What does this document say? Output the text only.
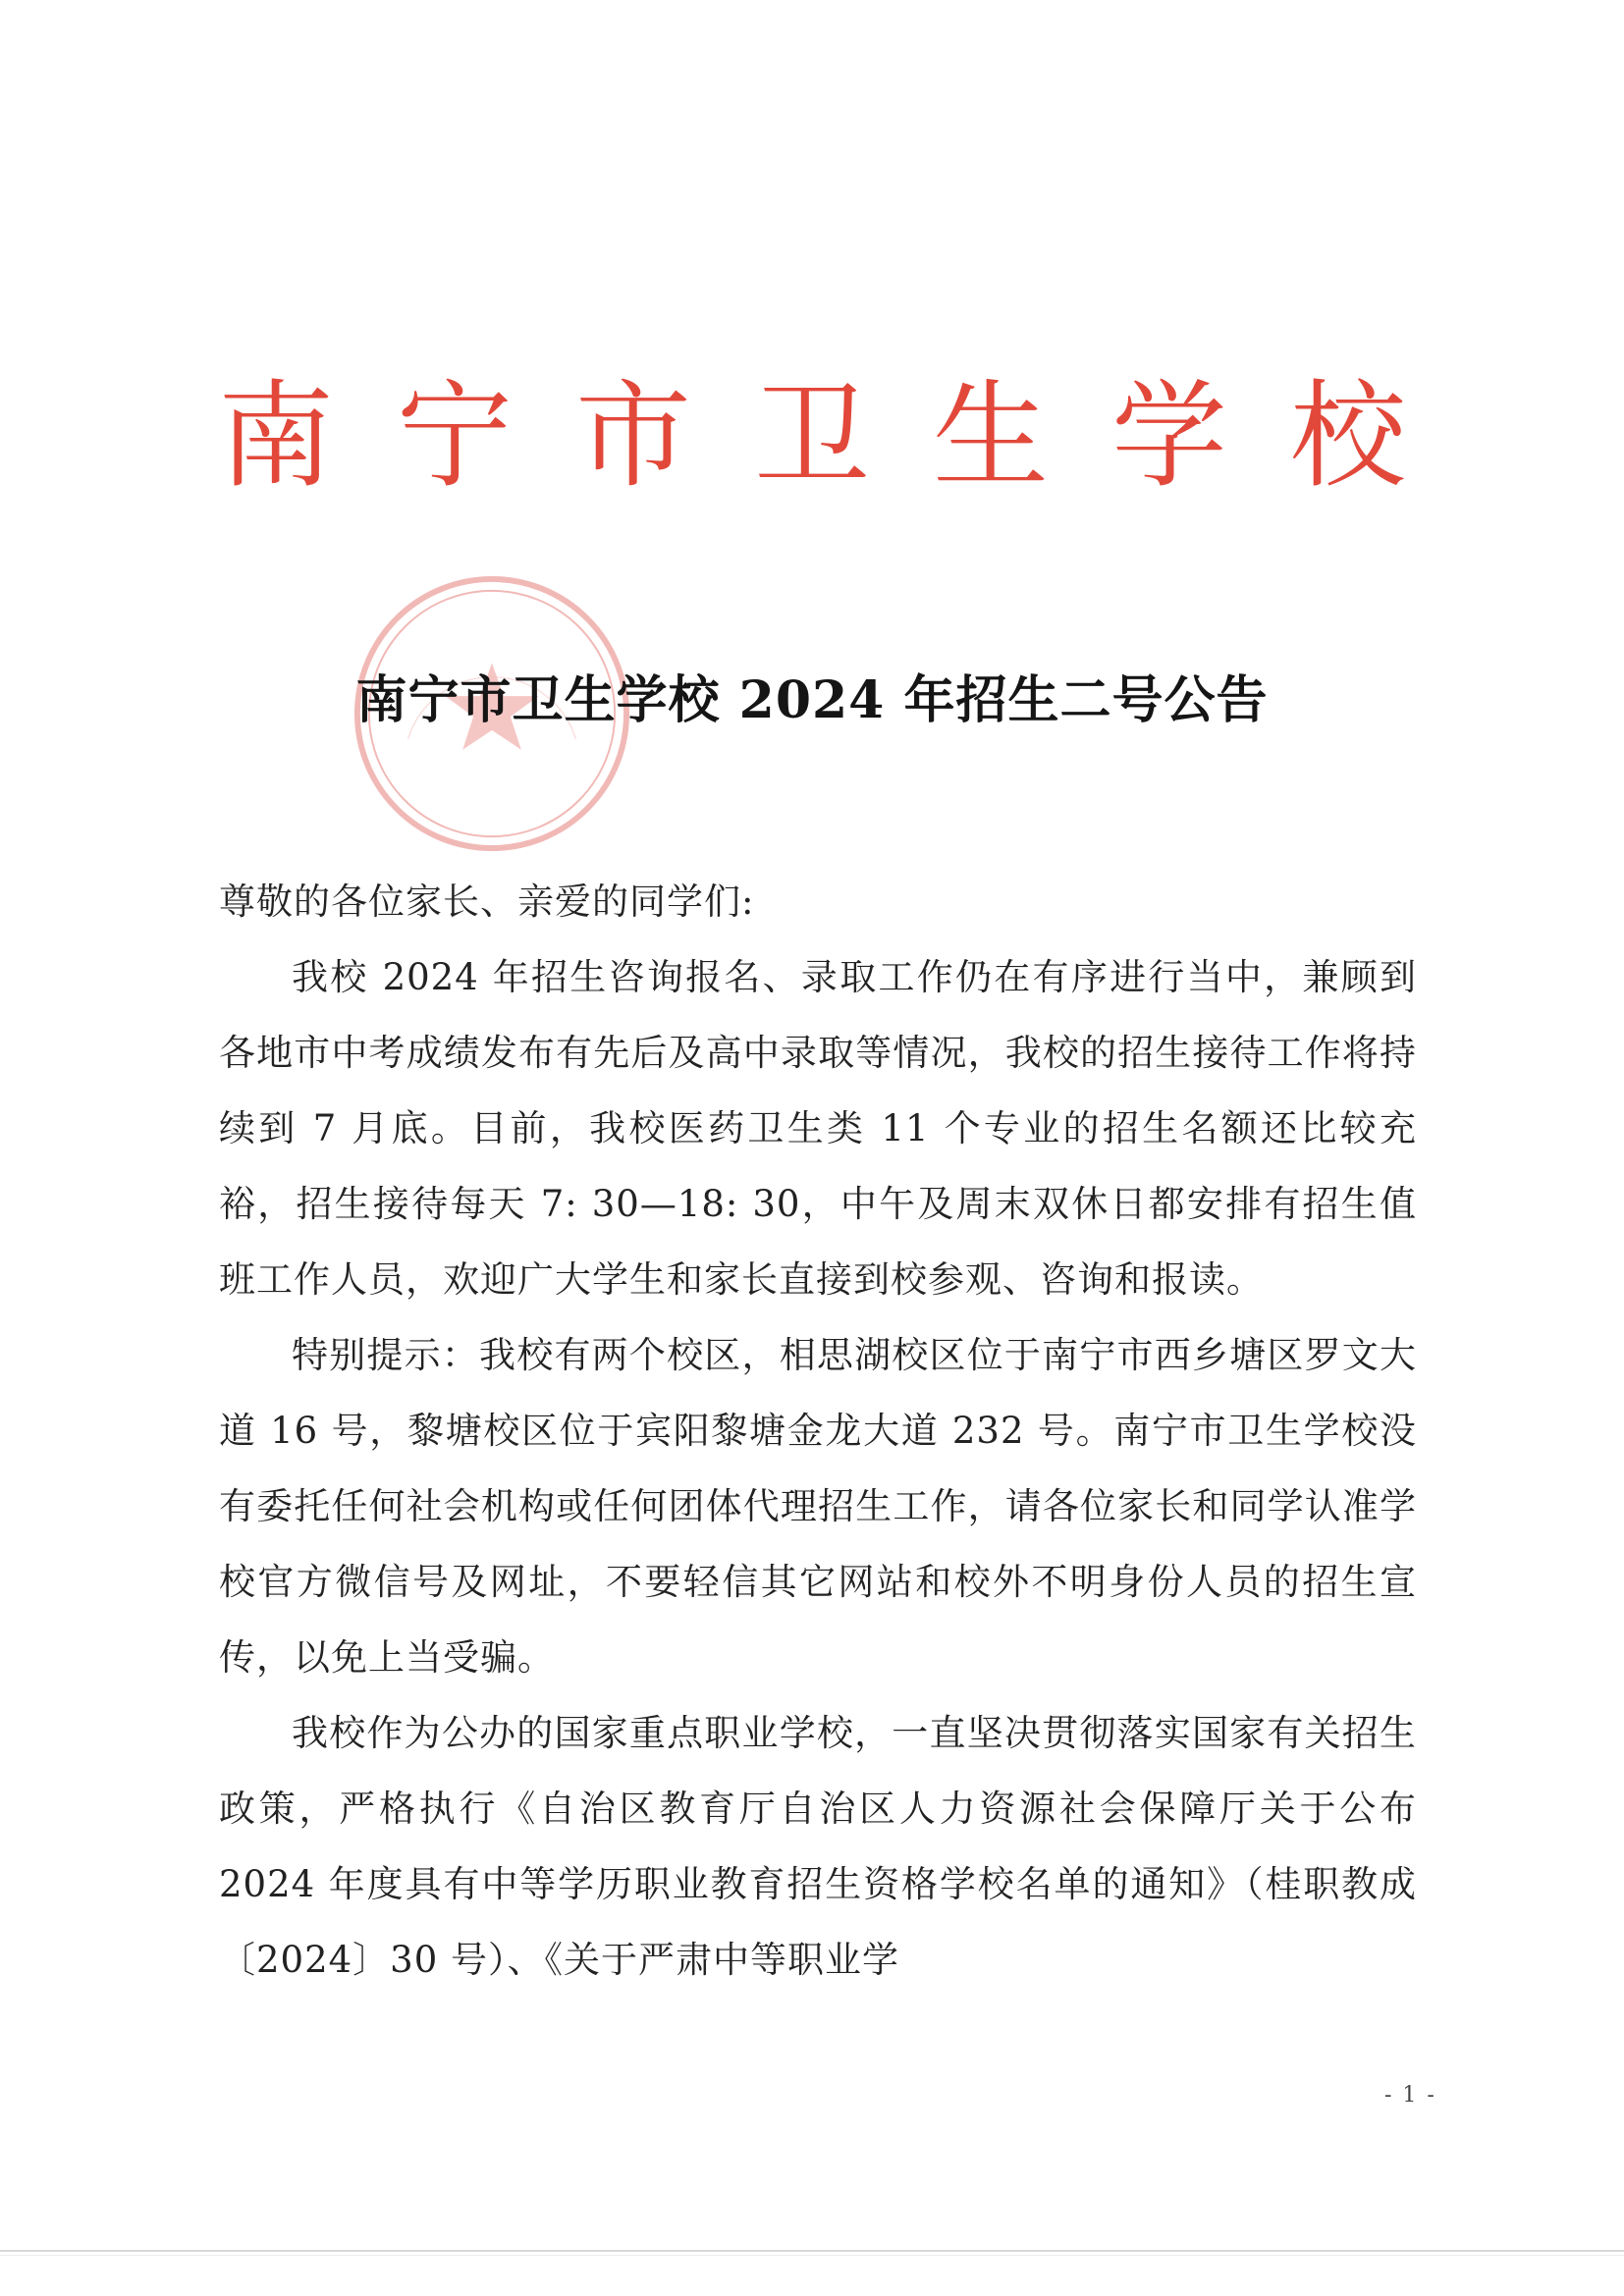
南宁市卫生学校
南宁市卫生学校 2024 年招生二号公告

尊敬的各位家长、亲爱的同学们:

我校 2024 年招生咨询报名、录取工作仍在有序进行当中，兼顾到各地市中考成绩发布有先后及高中录取等情况，我校的招生接待工作将持续到 7 月底。目前，我校医药卫生类 11 个专业的招生名额还比较充裕，招生接待每天 7: 30—18: 30，中午及周末双休日都安排有招生值班工作人员，欢迎广大学生和家长直接到校参观、咨询和报读。

特别提示：我校有两个校区，相思湖校区位于南宁市西乡塘区罗文大道 16 号，黎塘校区位于宾阳黎塘金龙大道 232 号。南宁市卫生学校没有委托任何社会机构或任何团体代理招生工作，请各位家长和同学认准学校官方微信号及网址，不要轻信其它网站和校外不明身份人员的招生宣传，以免上当受骗。

我校作为公办的国家重点职业学校，一直坚决贯彻落实国家有关招生政策，严格执行《自治区教育厅自治区人力资源社会保障厅关于公布 2024 年度具有中等学历职业教育招生资格学校名单的通知》（桂职教成〔2024〕30 号）、《关于严肃中等职业学

- 1 -
